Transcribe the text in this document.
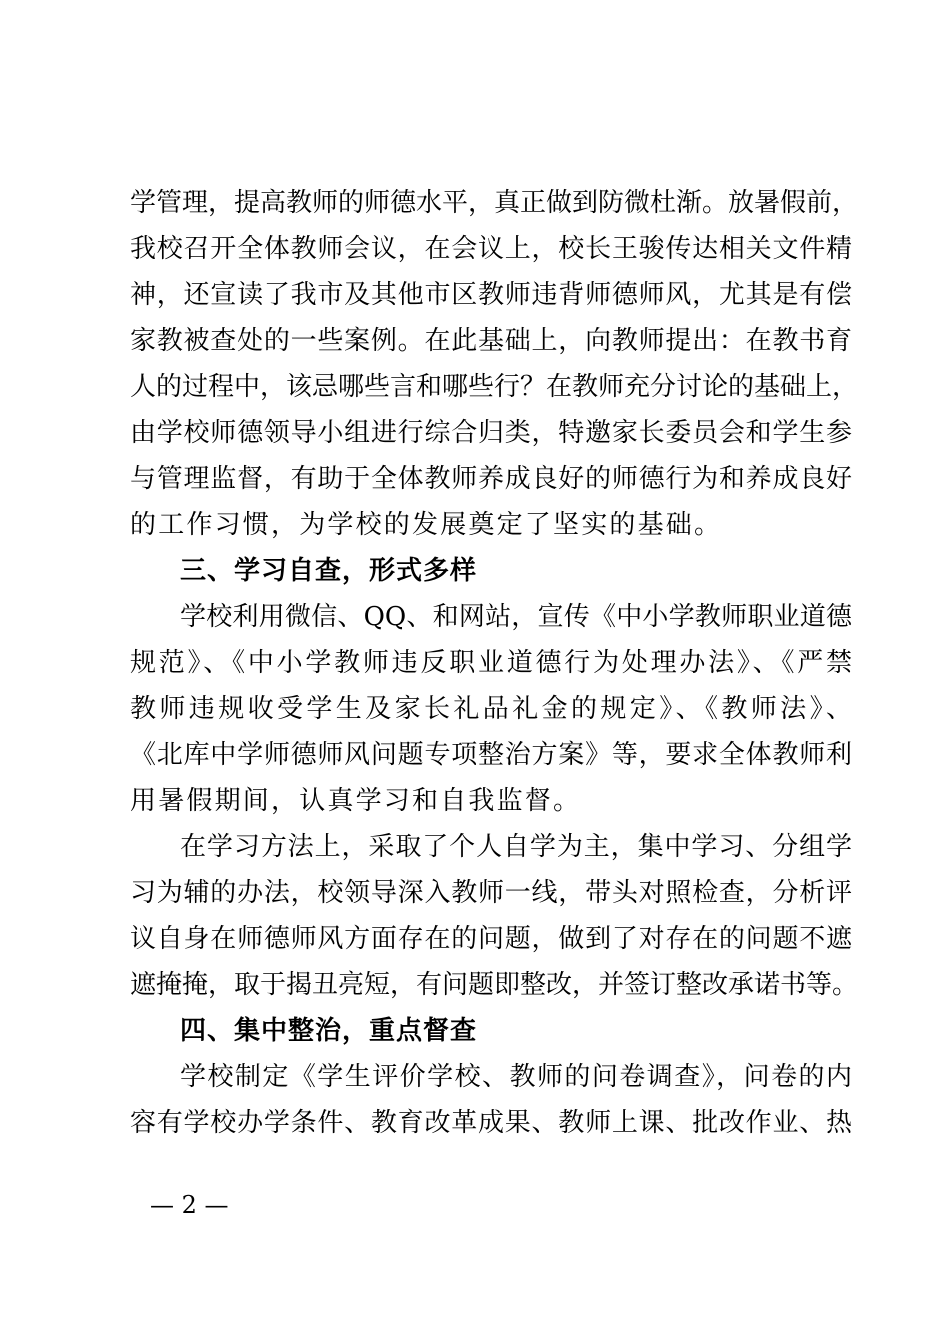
学管理，提高教师的师德水平，真正做到防微杜渐。放暑假前，
我校召开全体教师会议，在会议上，校长王骏传达相关文件精
神，还宣读了我市及其他市区教师违背师德师风，尤其是有偿
家教被查处的一些案例。在此基础上，向教师提出：在教书育
人的过程中，该忌哪些言和哪些行？在教师充分讨论的基础上，
由学校师德领导小组进行综合归类，特邀家长委员会和学生参
与管理监督，有助于全体教师养成良好的师德行为和养成良好
的工作习惯，为学校的发展奠定了坚实的基础。
三、学习自查，形式多样
学校利用微信、QQ、和网站，宣传《中小学教师职业道德
规范》、《中小学教师违反职业道德行为处理办法》、《严禁
教师违规收受学生及家长礼品礼金的规定》、《教师法》、
《北库中学师德师风问题专项整治方案》等，要求全体教师利
用暑假期间，认真学习和自我监督。
在学习方法上，采取了个人自学为主，集中学习、分组学
习为辅的办法，校领导深入教师一线，带头对照检查，分析评
议自身在师德师风方面存在的问题，做到了对存在的问题不遮
遮掩掩，取于揭丑亮短，有问题即整改，并签订整改承诺书等。
四、集中整治，重点督查
学校制定《学生评价学校、教师的问卷调查》，问卷的内
容有学校办学条件、教育改革成果、教师上课、批改作业、热
— 2 —
